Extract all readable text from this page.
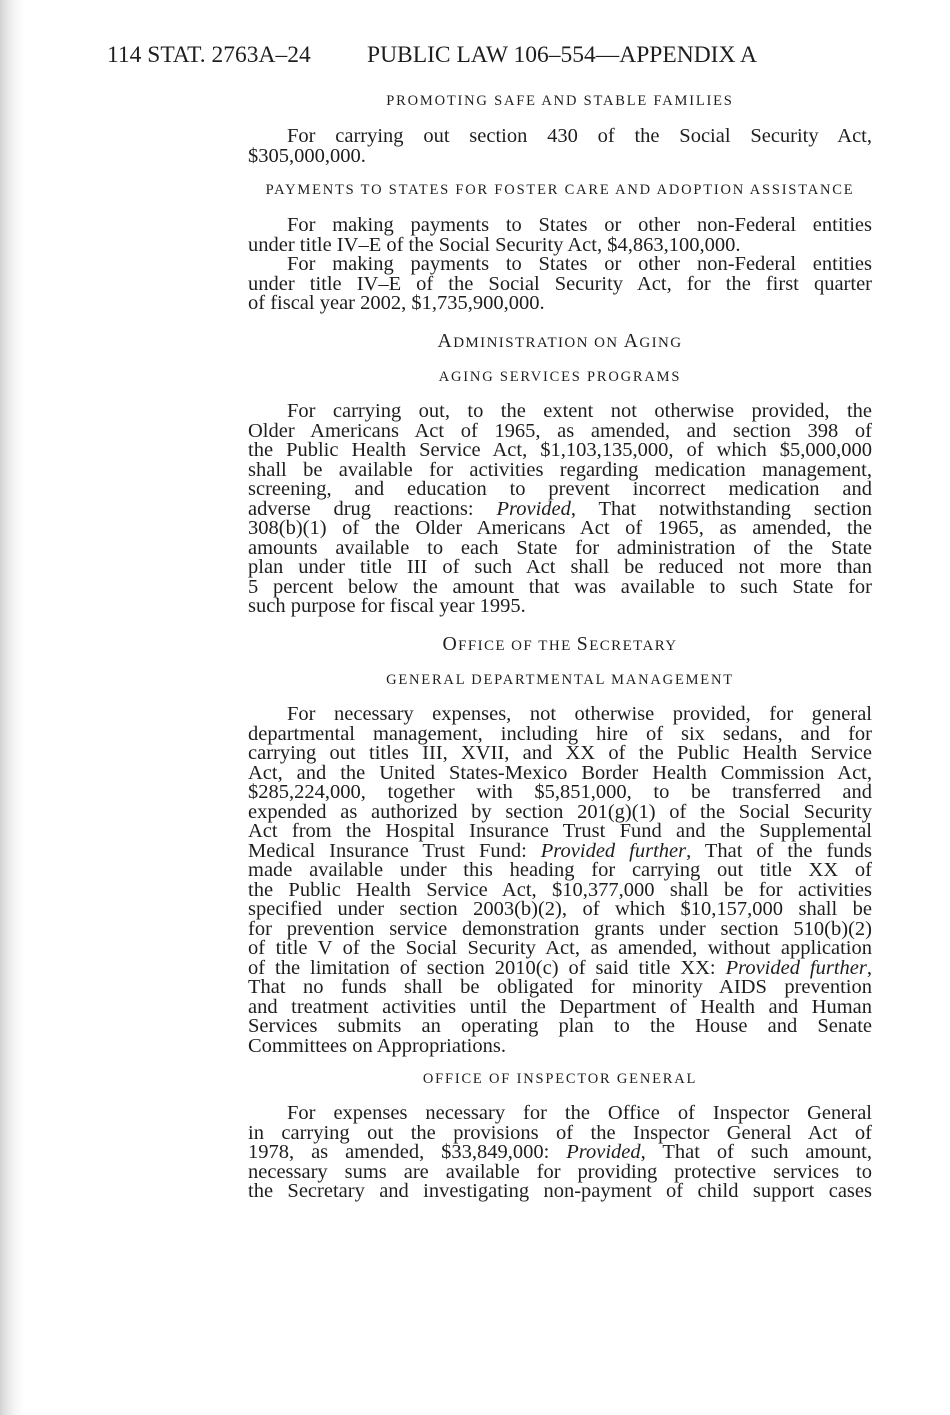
114 STAT. 2763A–24 PUBLIC LAW 106–554—APPENDIX A
PROMOTING SAFE AND STABLE FAMILIES
For carrying out section 430 of the Social Security Act,
$305,000,000.
PAYMENTS TO STATES FOR FOSTER CARE AND ADOPTION ASSISTANCE
For making payments to States or other non-Federal entities
under title IV–E of the Social Security Act, $4,863,100,000.
For making payments to States or other non-Federal entities
under title IV–E of the Social Security Act, for the first quarter
of fiscal year 2002, $1,735,900,000.
ADMINISTRATION ON AGING
AGING SERVICES PROGRAMS
For carrying out, to the extent not otherwise provided, the
Older Americans Act of 1965, as amended, and section 398 of
the Public Health Service Act, $1,103,135,000, of which $5,000,000
shall be available for activities regarding medication management,
screening, and education to prevent incorrect medication and
adverse drug reactions: Provided, That notwithstanding section
308(b)(1) of the Older Americans Act of 1965, as amended, the
amounts available to each State for administration of the State
plan under title III of such Act shall be reduced not more than
5 percent below the amount that was available to such State for
such purpose for fiscal year 1995.
OFFICE OF THE SECRETARY
GENERAL DEPARTMENTAL MANAGEMENT
For necessary expenses, not otherwise provided, for general
departmental management, including hire of six sedans, and for
carrying out titles III, XVII, and XX of the Public Health Service
Act, and the United States-Mexico Border Health Commission Act,
$285,224,000, together with $5,851,000, to be transferred and
expended as authorized by section 201(g)(1) of the Social Security
Act from the Hospital Insurance Trust Fund and the Supplemental
Medical Insurance Trust Fund: Provided further, That of the funds
made available under this heading for carrying out title XX of
the Public Health Service Act, $10,377,000 shall be for activities
specified under section 2003(b)(2), of which $10,157,000 shall be
for prevention service demonstration grants under section 510(b)(2)
of title V of the Social Security Act, as amended, without application
of the limitation of section 2010(c) of said title XX: Provided further,
That no funds shall be obligated for minority AIDS prevention
and treatment activities until the Department of Health and Human
Services submits an operating plan to the House and Senate
Committees on Appropriations.
OFFICE OF INSPECTOR GENERAL
For expenses necessary for the Office of Inspector General
in carrying out the provisions of the Inspector General Act of
1978, as amended, $33,849,000: Provided, That of such amount,
necessary sums are available for providing protective services to
the Secretary and investigating non-payment of child support cases
